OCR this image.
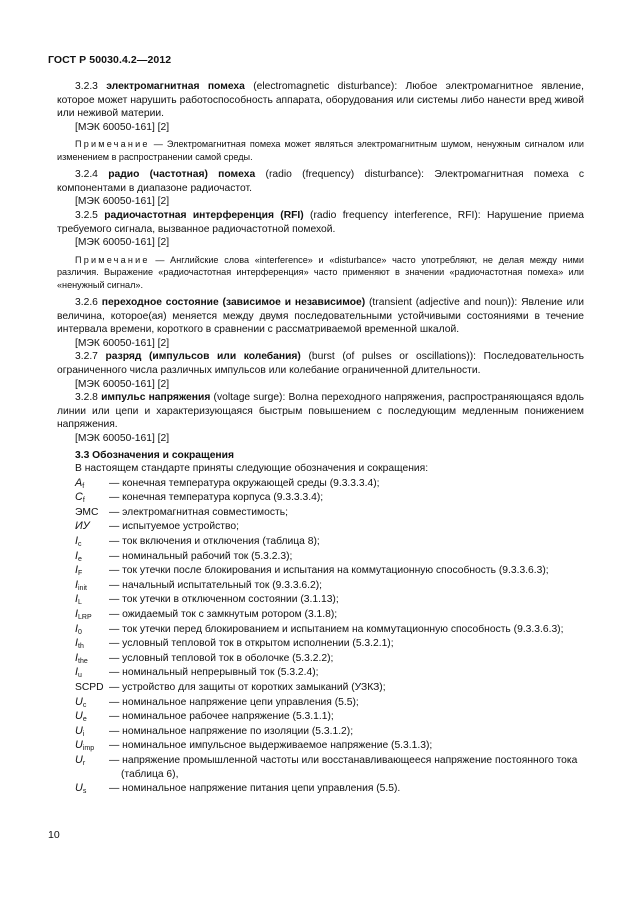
ГОСТ Р 50030.4.2—2012

3.2.3 электромагнитная помеха (electromagnetic disturbance): Любое электромагнитное явление, которое может нарушить работоспособность аппарата, оборудования или системы либо нанести вред живой или неживой материи.

[МЭК 60050-161] [2]

Примечание — Электромагнитная помеха может являться электромагнитным шумом, ненужным сигналом или изменением в распространении самой среды.

3.2.4 радио (частотная) помеха (radio (frequency) disturbance): Электромагнитная помеха с компонентами в диапазоне радиочастот.

[МЭК 60050-161] [2]

3.2.5 радиочастотная интерференция (RFI) (radio frequency interference, RFI): Нарушение приема требуемого сигнала, вызванное радиочастотной помехой.

[МЭК 60050-161] [2]

Примечание — Английские слова «interference» и «disturbance» часто употребляют, не делая между ними различия. Выражение «радиочастотная интерференция» часто применяют в значении «радиочастотная помеха» или «ненужный сигнал».

3.2.6 переходное состояние (зависимое и независимое) (transient (adjective and noun)): Явление или величина, которое(ая) меняется между двумя последовательными устойчивыми состояниями в течение интервала времени, короткого в сравнении с рассматриваемой временной шкалой.

[МЭК 60050-161] [2]

3.2.7 разряд (импульсов или колебания) (burst (of pulses or oscillations)): Последовательность ограниченного числа различных импульсов или колебание ограниченной длительности.

[МЭК 60050-161] [2]

3.2.8 импульс напряжения (voltage surge): Волна переходного напряжения, распространяющаяся вдоль линии или цепи и характеризующаяся быстрым повышением с последующим медленным понижением напряжения.

[МЭК 60050-161] [2]

3.3 Обозначения и сокращения

В настоящем стандарте приняты следующие обозначения и сокращения:

$A_f$ — конечная температура окружающей среды (9.3.3.3.4);
$C_f$ — конечная температура корпуса (9.3.3.3.4);
ЭМС — электромагнитная совместимость;
ИУ — испытуемое устройство;
$I_c$	— ток включения и отключения (таблица 8);
$I_e$	— номинальный рабочий ток (5.3.2.3);
$I_F$	— ток утечки после блокирования и испытания на коммутационную способность (9.3.3.6.3);
$I_{init}$ — начальный испытательный ток (9.3.3.6.2);
$I_L$	— ток утечки в отключенном состоянии (3.1.13);
$I_{LRP}$ — ожидаемый ток с замкнутым ротором (3.1.8);
$I_0$	— ток утечки перед блокированием и испытанием на коммутационную способность (9.3.3.6.3);
$I_{th}$ — условный тепловой ток в открытом исполнении (5.3.2.1);
$I_{the}$ — условный тепловой ток в оболочке (5.3.2.2);
$I_u$	— номинальный непрерывный ток (5.3.2.4);
SCPD — устройство для защиты от коротких замыканий (УЗКЗ);
$U_c$ — номинальное напряжение цепи управления (5.5);
$U_e$ — номинальное рабочее напряжение (5.3.1.1);
$U_i$ — номинальное напряжение по изоляции (5.3.1.2);
$U_{imp}$ — номинальное импульсное выдерживаемое напряжение (5.3.1.3);
$U_r$ — напряжение промышленной частоты или восстанавливающееся напряжение постоянного тока (таблица 6),
$U_s$ — номинальное напряжение питания цепи управления (5.5).
10
